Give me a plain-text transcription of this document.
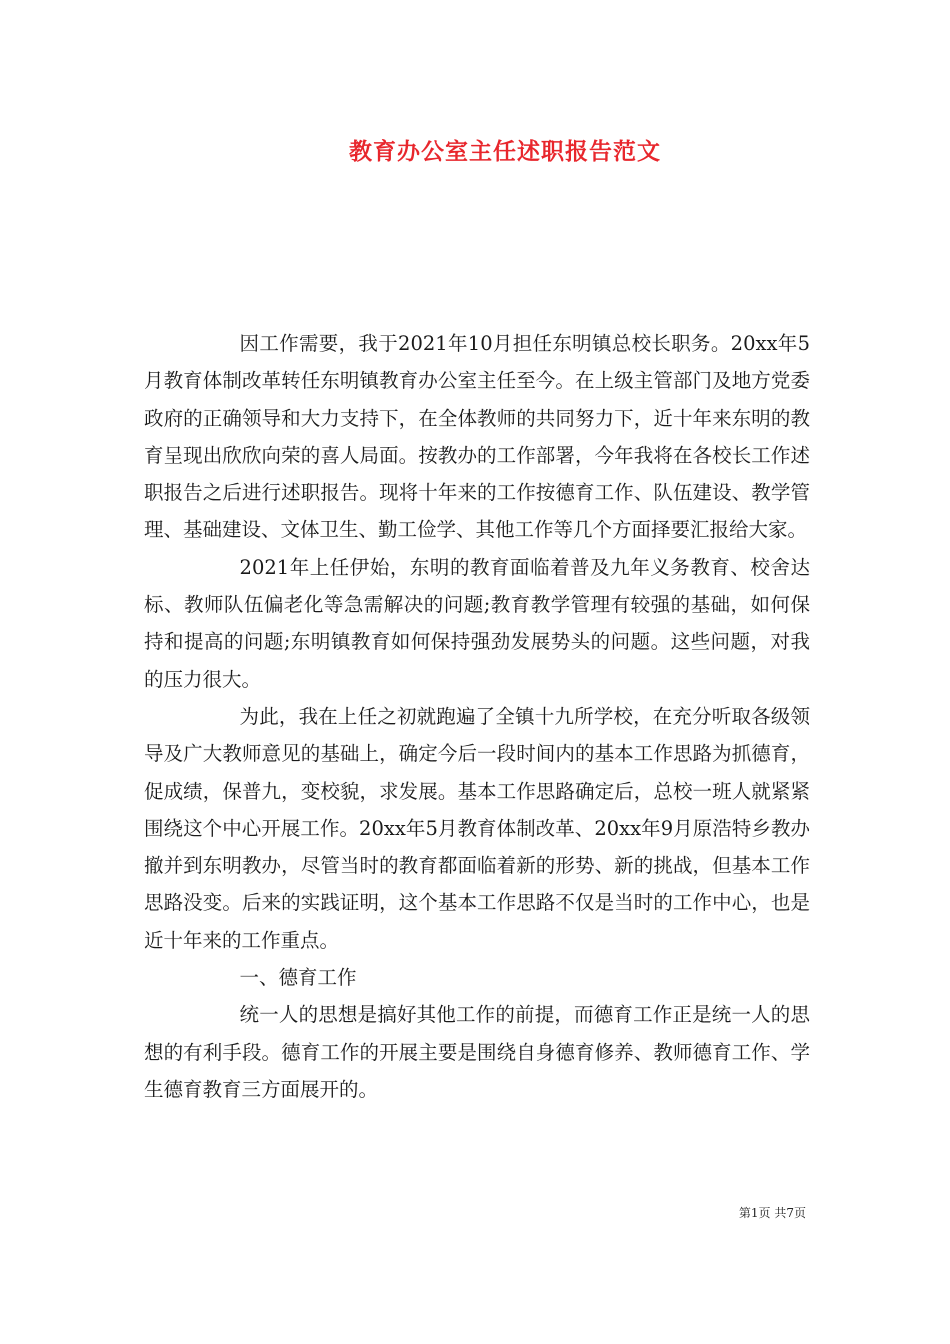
教育办公室主任述职报告范文

因工作需要，我于2021年10月担任东明镇总校长职务。20xx年5月教育体制改革转任东明镇教育办公室主任至今。在上级主管部门及地方党委政府的正确领导和大力支持下，在全体教师的共同努力下，近十年来东明的教育呈现出欣欣向荣的喜人局面。按教办的工作部署，今年我将在各校长工作述职报告之后进行述职报告。现将十年来的工作按德育工作、队伍建设、教学管理、基础建设、文体卫生、勤工俭学、其他工作等几个方面择要汇报给大家。

2021年上任伊始，东明的教育面临着普及九年义务教育、校舍达标、教师队伍偏老化等急需解决的问题;教育教学管理有较强的基础，如何保持和提高的问题;东明镇教育如何保持强劲发展势头的问题。这些问题，对我的压力很大。

为此，我在上任之初就跑遍了全镇十九所学校，在充分听取各级领导及广大教师意见的基础上，确定今后一段时间内的基本工作思路为抓德育，促成绩，保普九，变校貌，求发展。基本工作思路确定后，总校一班人就紧紧围绕这个中心开展工作。20xx年5月教育体制改革、20xx年9月原浩特乡教办撤并到东明教办，尽管当时的教育都面临着新的形势、新的挑战，但基本工作思路没变。后来的实践证明，这个基本工作思路不仅是当时的工作中心，也是近十年来的工作重点。

一、德育工作

统一人的思想是搞好其他工作的前提，而德育工作正是统一人的思想的有利手段。德育工作的开展主要是围绕自身德育修养、教师德育工作、学生德育教育三方面展开的。

第1页 共7页
